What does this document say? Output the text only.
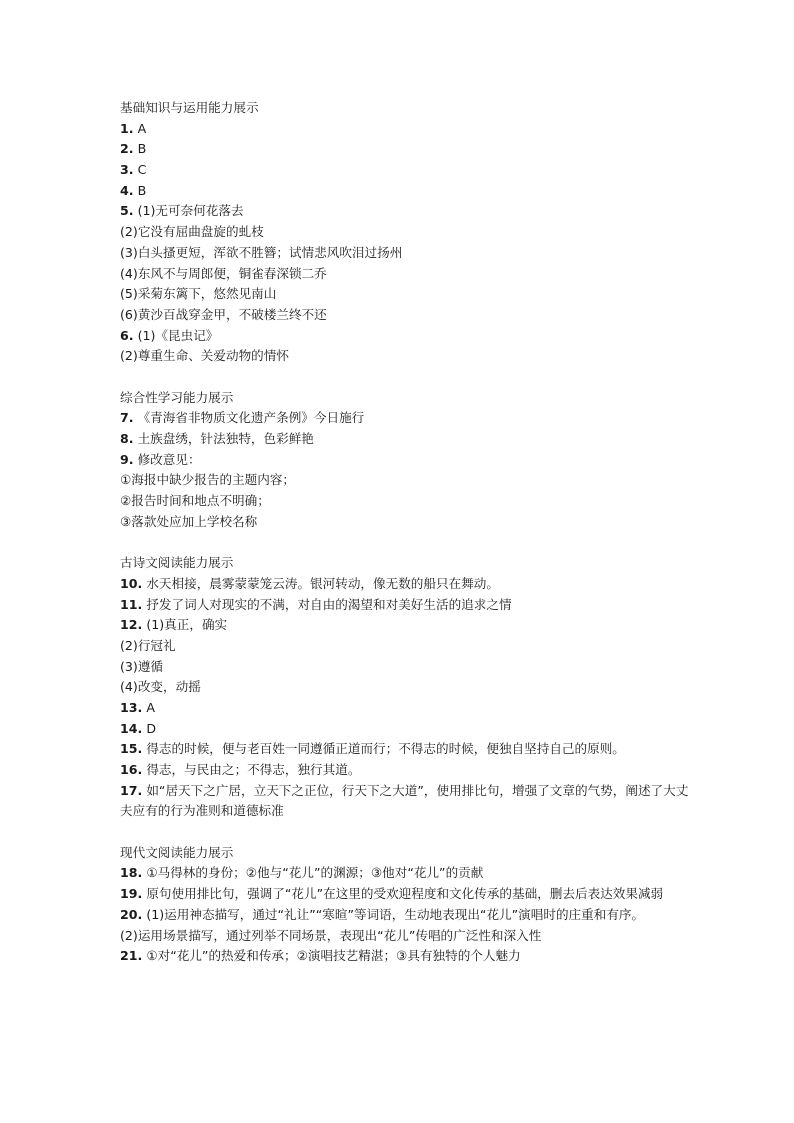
基础知识与运用能力展示
1. A
2. B
3. C
4. B
5. (1)无可奈何花落去
(2)它没有屈曲盘旋的虬枝
(3)白头搔更短，浑欲不胜簪；试情悲风吹泪过扬州
(4)东风不与周郎便，铜雀春深锁二乔
(5)采菊东篱下，悠然见南山
(6)黄沙百战穿金甲，不破楼兰终不还
6. (1)《昆虫记》
(2)尊重生命、关爱动物的情怀
综合性学习能力展示
7. 《青海省非物质文化遗产条例》今日施行
8. 土族盘绣，针法独特，色彩鲜艳
9. 修改意见：
①海报中缺少报告的主题内容；
②报告时间和地点不明确；
③落款处应加上学校名称
古诗文阅读能力展示
10. 水天相接，晨雾蒙蒙笼云涛。银河转动，像无数的船只在舞动。
11. 抒发了词人对现实的不满，对自由的渴望和对美好生活的追求之情
12. (1)真正，确实
(2)行冠礼
(3)遵循
(4)改变，动摇
13. A
14. D
15. 得志的时候，便与老百姓一同遵循正道而行；不得志的时候，便独自坚持自己的原则。
16. 得志，与民由之；不得志，独行其道。
17. 如“居天下之广居，立天下之正位，行天下之大道”，使用排比句，增强了文章的气势，阐述了大丈夫应有的行为准则和道德标准
现代文阅读能力展示
18. ①马得林的身份；②他与“花儿”的渊源；③他对“花儿”的贡献
19. 原句使用排比句，强调了“花儿”在这里的受欢迎程度和文化传承的基础，删去后表达效果减弱
20. (1)运用神态描写，通过“礼让”“寒暄”等词语，生动地表现出“花儿”演唱时的庄重和有序。
(2)运用场景描写，通过列举不同场景，表现出“花儿”传唱的广泛性和深入性
21. ①对“花儿”的热爱和传承；②演唱技艺精湛；③具有独特的个人魅力
